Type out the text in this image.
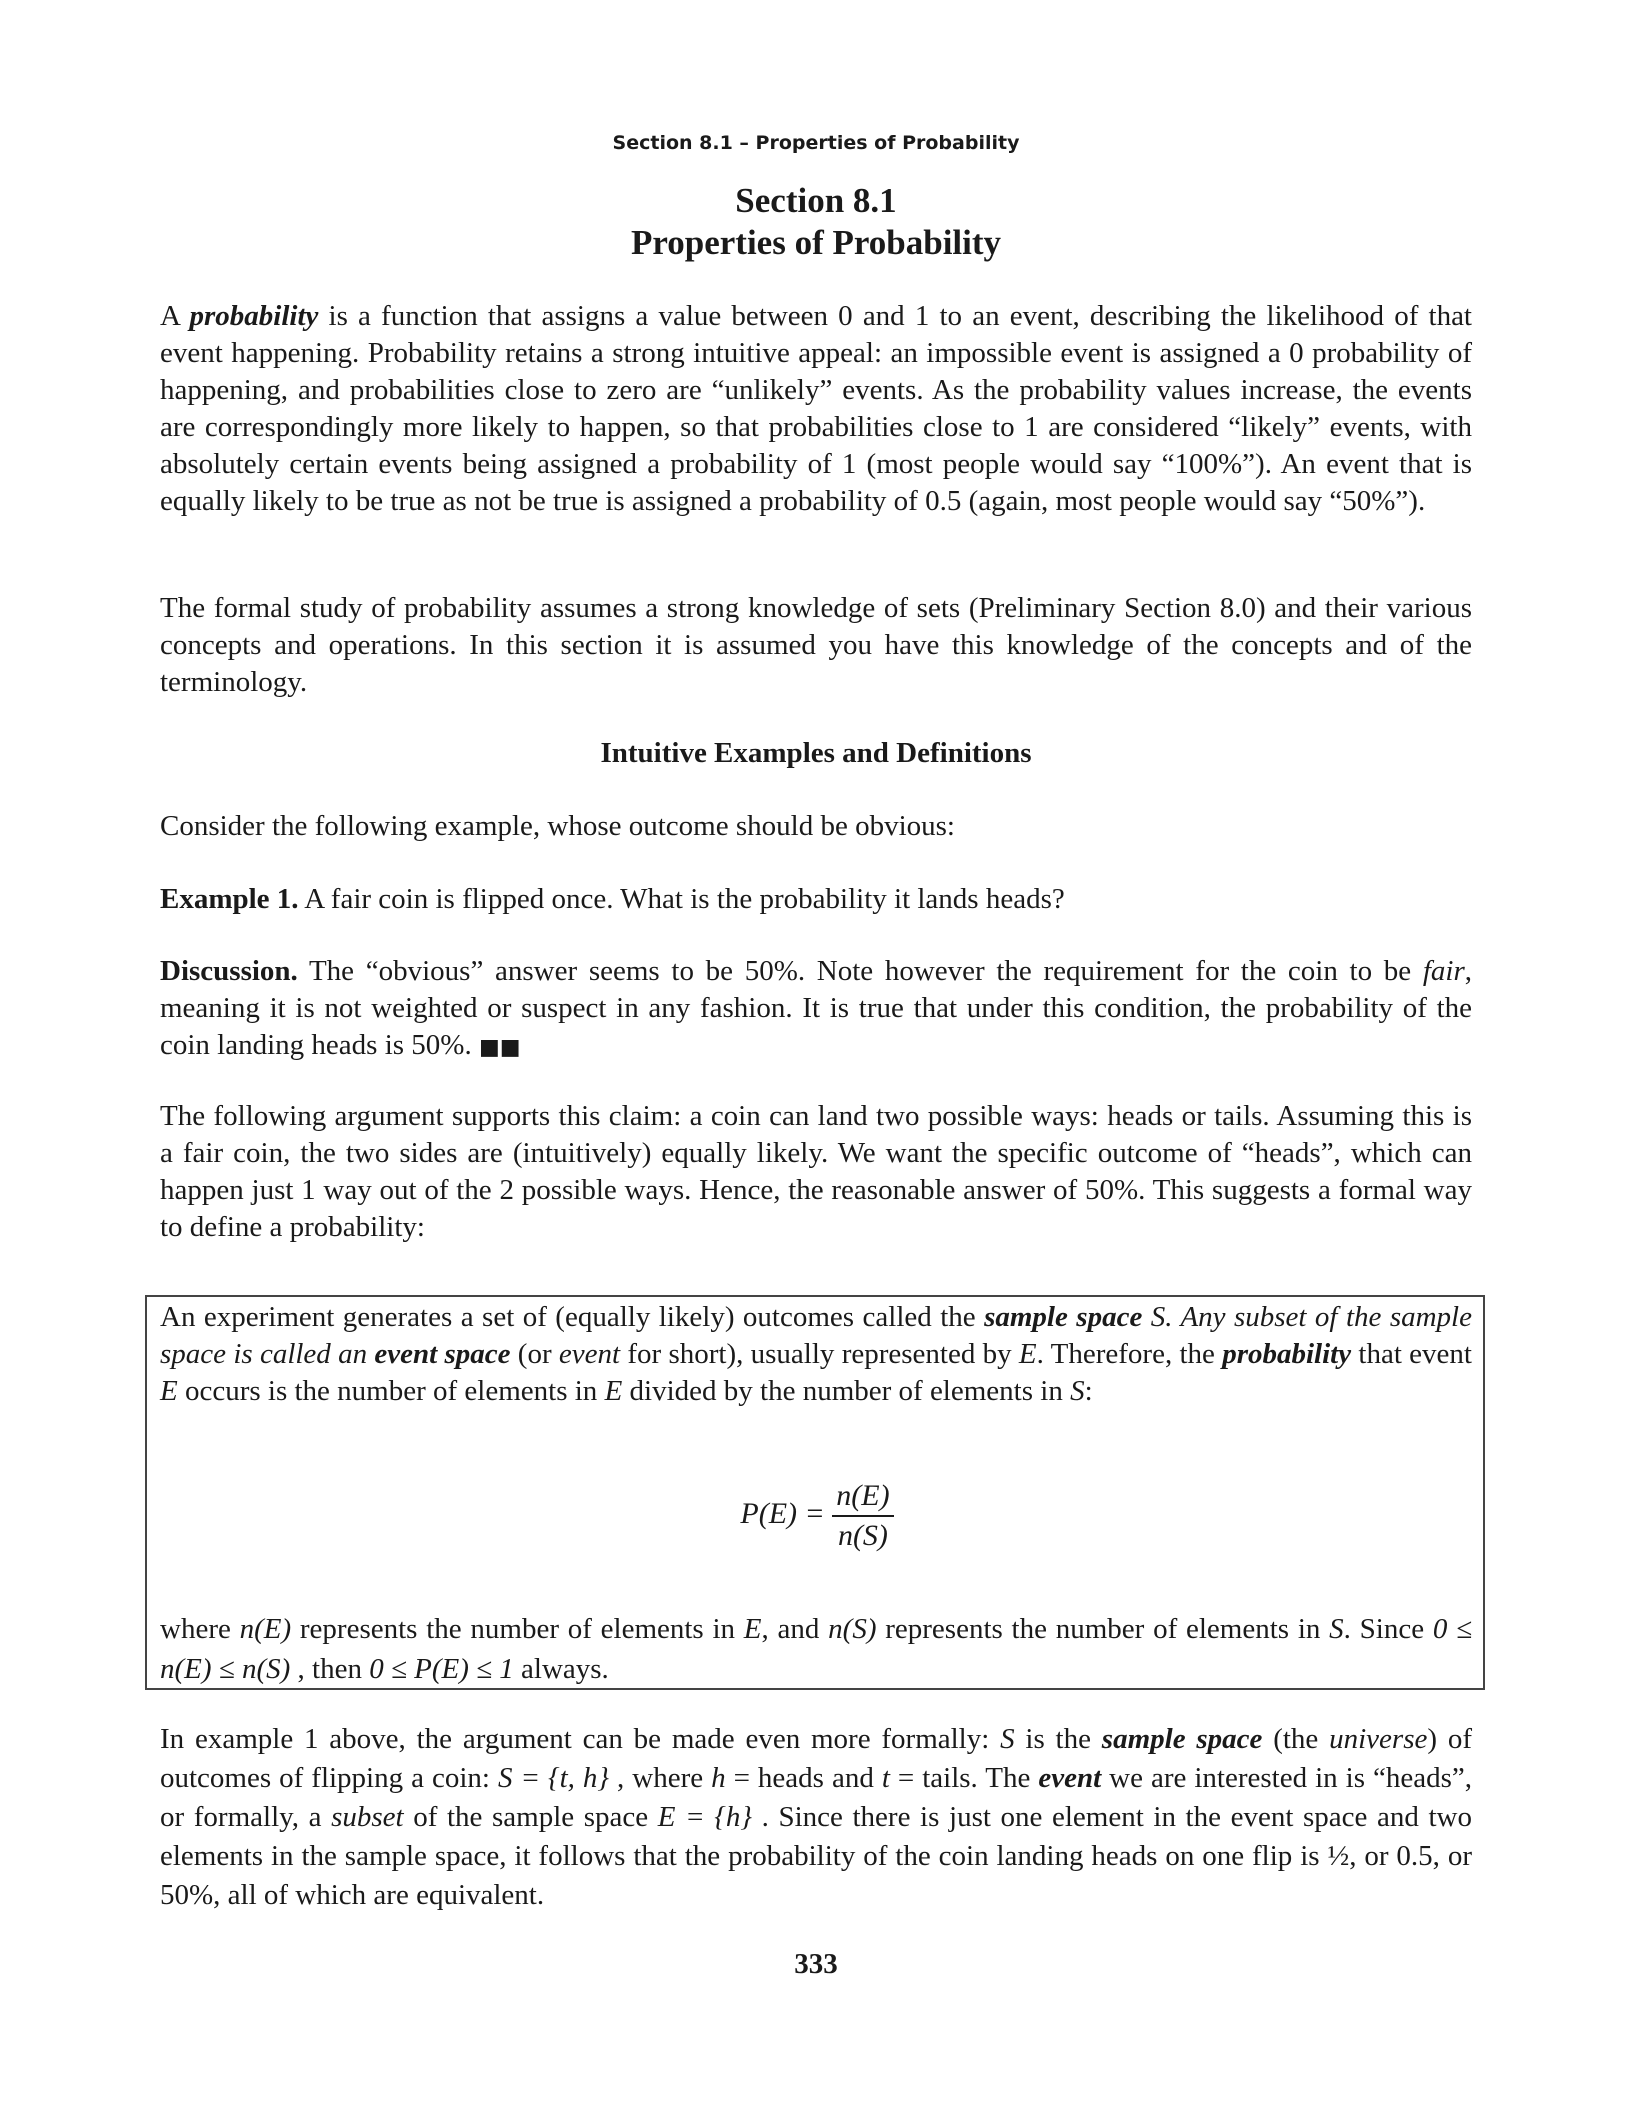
Section 8.1 – Properties of Probability
Section 8.1
Properties of Probability

A probability is a function that assigns a value between 0 and 1 to an event, describing the likelihood of that event happening. Probability retains a strong intuitive appeal: an impossible event is assigned a 0 probability of happening, and probabilities close to zero are “unlikely” events. As the probability values increase, the events are correspondingly more likely to happen, so that probabilities close to 1 are considered “likely” events, with absolutely certain events being assigned a probability of 1 (most people would say “100%”). An event that is equally likely to be true as not be true is assigned a probability of 0.5 (again, most people would say “50%”).

The formal study of probability assumes a strong knowledge of sets (Preliminary Section 8.0) and their various concepts and operations. In this section it is assumed you have this knowledge of the concepts and of the terminology.

Intuitive Examples and Definitions

Consider the following example, whose outcome should be obvious:

Example 1. A fair coin is flipped once. What is the probability it lands heads?

Discussion. The “obvious” answer seems to be 50%. Note however the requirement for the coin to be fair, meaning it is not weighted or suspect in any fashion. It is true that under this condition, the probability of the coin landing heads is 50%. ■■

The following argument supports this claim: a coin can land two possible ways: heads or tails. Assuming this is a fair coin, the two sides are (intuitively) equally likely. We want the specific outcome of “heads”, which can happen just 1 way out of the 2 possible ways. Hence, the reasonable answer of 50%. This suggests a formal way to define a probability:

An experiment generates a set of (equally likely) outcomes called the sample space S. Any subset of the sample space is called an event space (or event for short), usually represented by E. Therefore, the probability that event E occurs is the number of elements in E divided by the number of elements in S:

$P(E) = \frac{n(E)}{n(S)}$

where n(E) represents the number of elements in E, and n(S) represents the number of elements in S. Since 0 ≤ n(E) ≤ n(S) , then 0 ≤ P(E) ≤ 1 always.

In example 1 above, the argument can be made even more formally: S is the sample space (the universe) of outcomes of flipping a coin: S = {t, h} , where h = heads and t = tails. The event we are interested in is “heads”, or formally, a subset of the sample space E = {h} . Since there is just one element in the event space and two elements in the sample space, it follows that the probability of the coin landing heads on one flip is ½, or 0.5, or 50%, all of which are equivalent.

333
